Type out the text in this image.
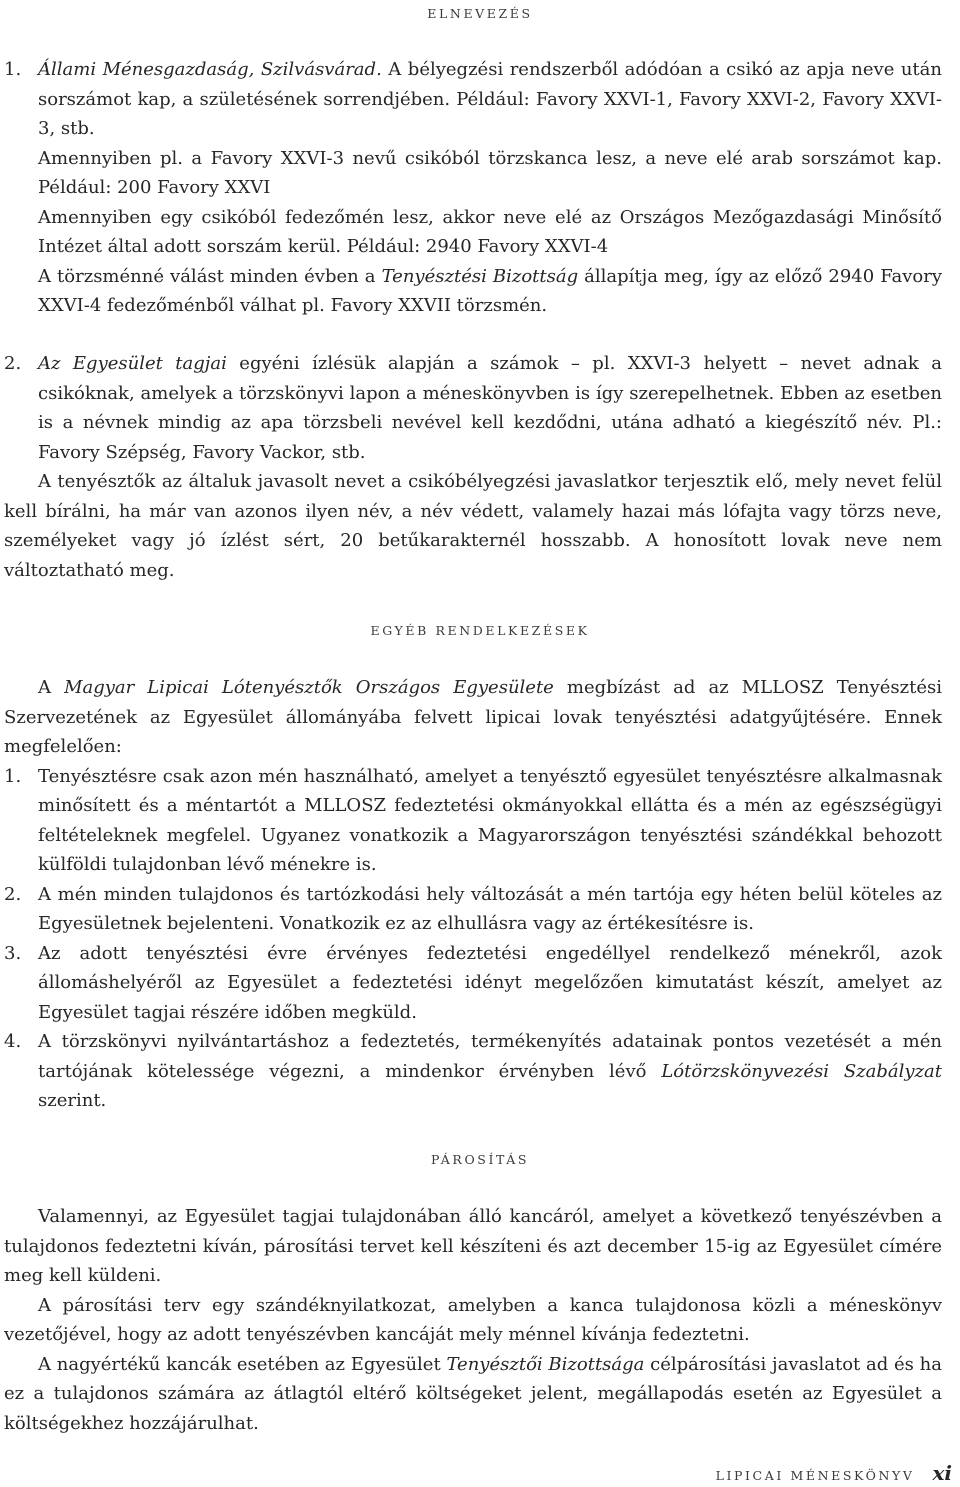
ELNEVEZÉS

1. Állami Ménesgazdaság, Szilvásvárad. A bélyegzési rendszerből adódóan a csikó az apja neve után sorszámot kap, a születésének sorrendjében. Például: Favory XXVI-1, Favory XXVI-2, Favory XXVI-3, stb.

Amennyiben pl. a Favory XXVI-3 nevű csikóból törzskanca lesz, a neve elé arab sorszámot kap. Például: 200 Favory XXVI

Amennyiben egy csikóból fedezőmén lesz, akkor neve elé az Országos Mezőgazdasági Minősítő Intézet által adott sorszám kerül. Például: 2940 Favory XXVI-4

A törzsménné válást minden évben a Tenyésztési Bizottság állapítja meg, így az előző 2940 Favory XXVI-4 fedezőménből válhat pl. Favory XXVII törzsmén.

2. Az Egyesület tagjai egyéni ízlésük alapján a számok – pl. XXVI-3 helyett – nevet adnak a csikóknak, amelyek a törzskönyvi lapon a méneskönyvben is így szerepelhetnek. Ebben az esetben is a névnek mindig az apa törzsbeli nevével kell kezdődni, utána adható a kiegészítő név. Pl.: Favory Szépség, Favory Vackor, stb.

A tenyésztők az általuk javasolt nevet a csikóbélyegzési javaslatkor terjesztik elő, mely nevet felül kell bírálni, ha már van azonos ilyen név, a név védett, valamely hazai más lófajta vagy törzs neve, személyeket vagy jó ízlést sért, 20 betűkarakternél hosszabb. A honosított lovak neve nem változtatható meg.

EGYÉB RENDELKEZÉSEK

A Magyar Lipicai Lótenyésztők Országos Egyesülete megbízást ad az MLLOSZ Tenyésztési Szervezetének az Egyesület állományába felvett lipicai lovak tenyésztési adatgyűjtésére. Ennek megfelelően:

1. Tenyésztésre csak azon mén használható, amelyet a tenyésztő egyesület tenyésztésre alkalmasnak minősített és a méntartót a MLLOSZ fedeztetési okmányokkal ellátta és a mén az egészségügyi feltételeknek megfelel. Ugyanez vonatkozik a Magyarországon tenyésztési szándékkal behozott külföldi tulajdonban lévő ménekre is.

2. A mén minden tulajdonos és tartózkodási hely változását a mén tartója egy héten belül köteles az Egyesületnek bejelenteni. Vonatkozik ez az elhullásra vagy az értékesítésre is.

3. Az adott tenyésztési évre érvényes fedeztetési engedéllyel rendelkező ménekről, azok állomáshelyéről az Egyesület a fedeztetési idényt megelőzően kimutatást készít, amelyet az Egyesület tagjai részére időben megküld.

4. A törzskönyvi nyilvántartáshoz a fedeztetés, termékenyítés adatainak pontos vezetését a mén tartójának kötelessége végezni, a mindenkor érvényben lévő Lótörzskönyvezési Szabályzat szerint.

PÁROSÍTÁS

Valamennyi, az Egyesület tagjai tulajdonában álló kancáról, amelyet a következő tenyészévben a tulajdonos fedeztetni kíván, párosítási tervet kell készíteni és azt december 15-ig az Egyesület címére meg kell küldeni.

A párosítási terv egy szándéknyilatkozat, amelyben a kanca tulajdonosa közli a méneskönyv vezetőjével, hogy az adott tenyészévben kancáját mely ménnel kívánja fedeztetni.

A nagyértékű kancák esetében az Egyesület Tenyésztői Bizottsága célpárosítási javaslatot ad és ha ez a tulajdonos számára az átlagtól eltérő költségeket jelent, megállapodás esetén az Egyesület a költségekhez hozzájárulhat.

LIPICAI MÉNESKÖNYV xi
